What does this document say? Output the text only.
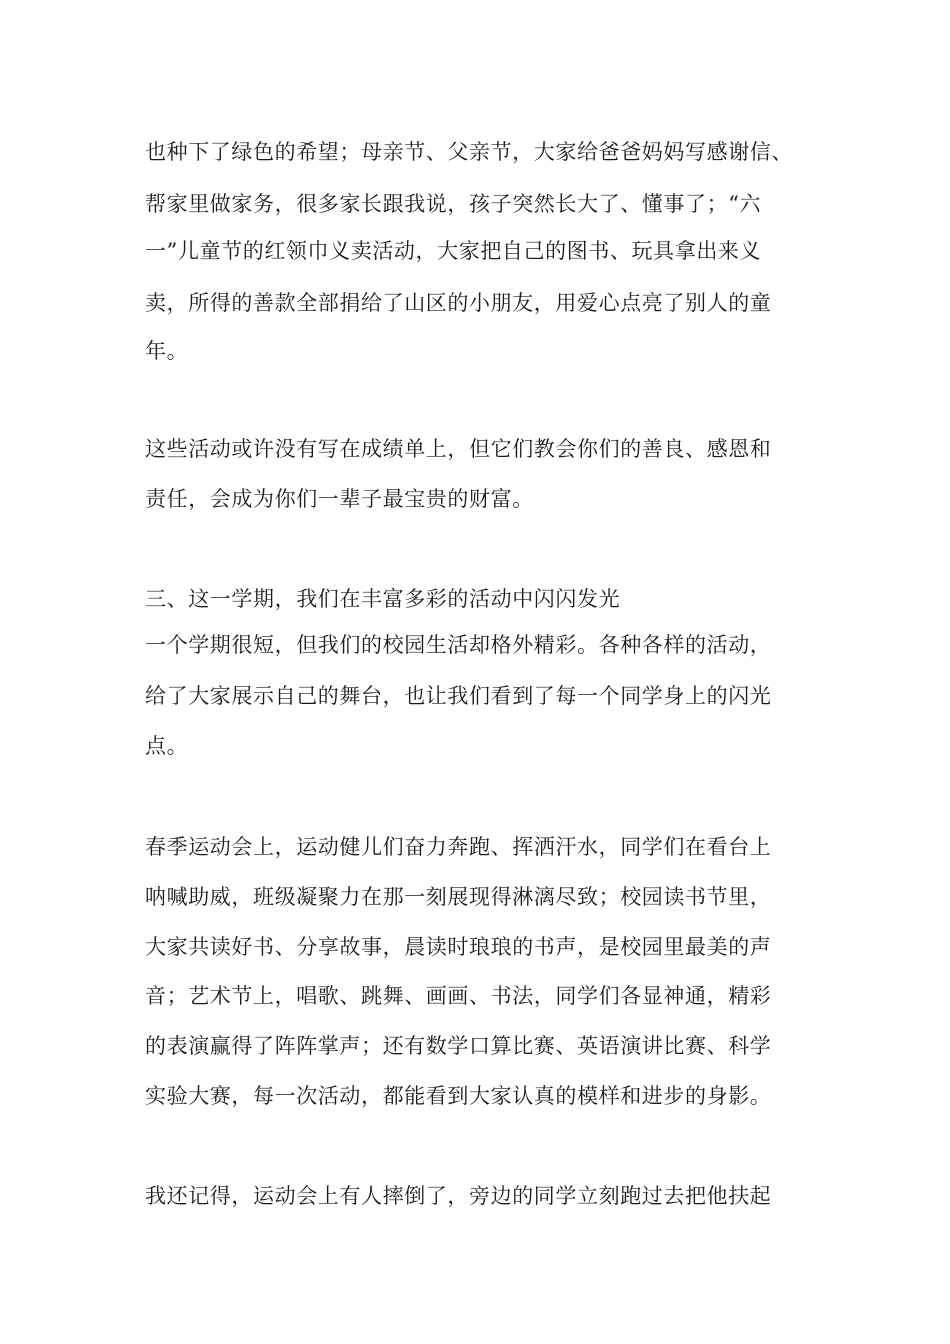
也种下了绿色的希望；母亲节、父亲节，大家给爸爸妈妈写感谢信、
帮家里做家务，很多家长跟我说，孩子突然长大了、懂事了；“六
一”儿童节的红领巾义卖活动，大家把自己的图书、玩具拿出来义
卖，所得的善款全部捐给了山区的小朋友，用爱心点亮了别人的童
年。
这些活动或许没有写在成绩单上，但它们教会你们的善良、感恩和
责任，会成为你们一辈子最宝贵的财富。
三、这一学期，我们在丰富多彩的活动中闪闪发光
一个学期很短，但我们的校园生活却格外精彩。各种各样的活动，
给了大家展示自己的舞台，也让我们看到了每一个同学身上的闪光
点。
春季运动会上，运动健儿们奋力奔跑、挥洒汗水，同学们在看台上
呐喊助威，班级凝聚力在那一刻展现得淋漓尽致；校园读书节里，
大家共读好书、分享故事，晨读时琅琅的书声，是校园里最美的声
音；艺术节上，唱歌、跳舞、画画、书法，同学们各显神通，精彩
的表演赢得了阵阵掌声；还有数学口算比赛、英语演讲比赛、科学
实验大赛，每一次活动，都能看到大家认真的模样和进步的身影。
我还记得，运动会上有人摔倒了，旁边的同学立刻跑过去把他扶起
